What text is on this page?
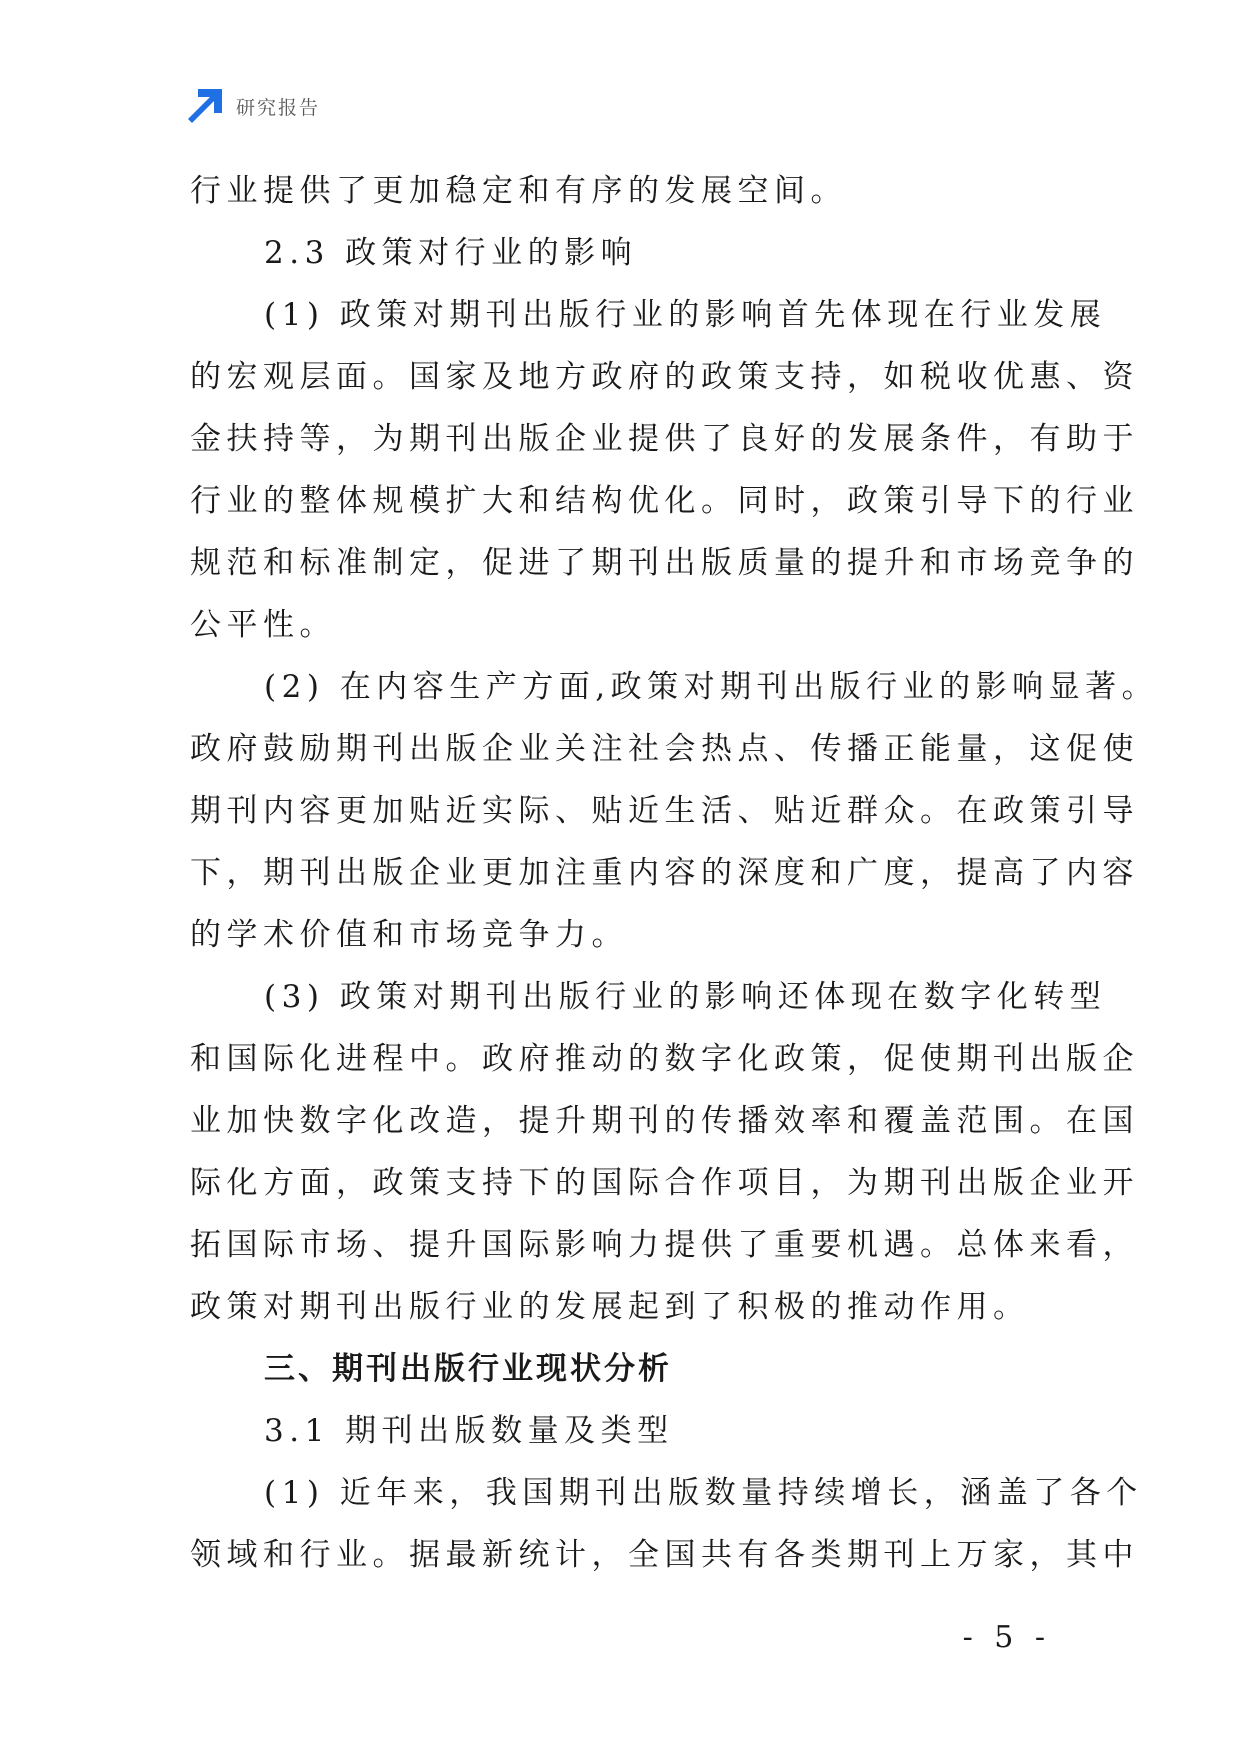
研究报告
行业提供了更加稳定和有序的发展空间。
2.3 政策对行业的影响
(1) 政策对期刊出版行业的影响首先体现在行业发展
的宏观层面。国家及地方政府的政策支持，如税收优惠、资
金扶持等，为期刊出版企业提供了良好的发展条件，有助于
行业的整体规模扩大和结构优化。同时，政策引导下的行业
规范和标准制定，促进了期刊出版质量的提升和市场竞争的
公平性。
(2) 在内容生产方面,政策对期刊出版行业的影响显著。
政府鼓励期刊出版企业关注社会热点、传播正能量，这促使
期刊内容更加贴近实际、贴近生活、贴近群众。在政策引导
下，期刊出版企业更加注重内容的深度和广度，提高了内容
的学术价值和市场竞争力。
(3) 政策对期刊出版行业的影响还体现在数字化转型
和国际化进程中。政府推动的数字化政策，促使期刊出版企
业加快数字化改造，提升期刊的传播效率和覆盖范围。在国
际化方面，政策支持下的国际合作项目，为期刊出版企业开
拓国际市场、提升国际影响力提供了重要机遇。总体来看，
政策对期刊出版行业的发展起到了积极的推动作用。
三、期刊出版行业现状分析
3.1 期刊出版数量及类型
(1) 近年来，我国期刊出版数量持续增长，涵盖了各个
领域和行业。据最新统计，全国共有各类期刊上万家，其中
- 5 -
